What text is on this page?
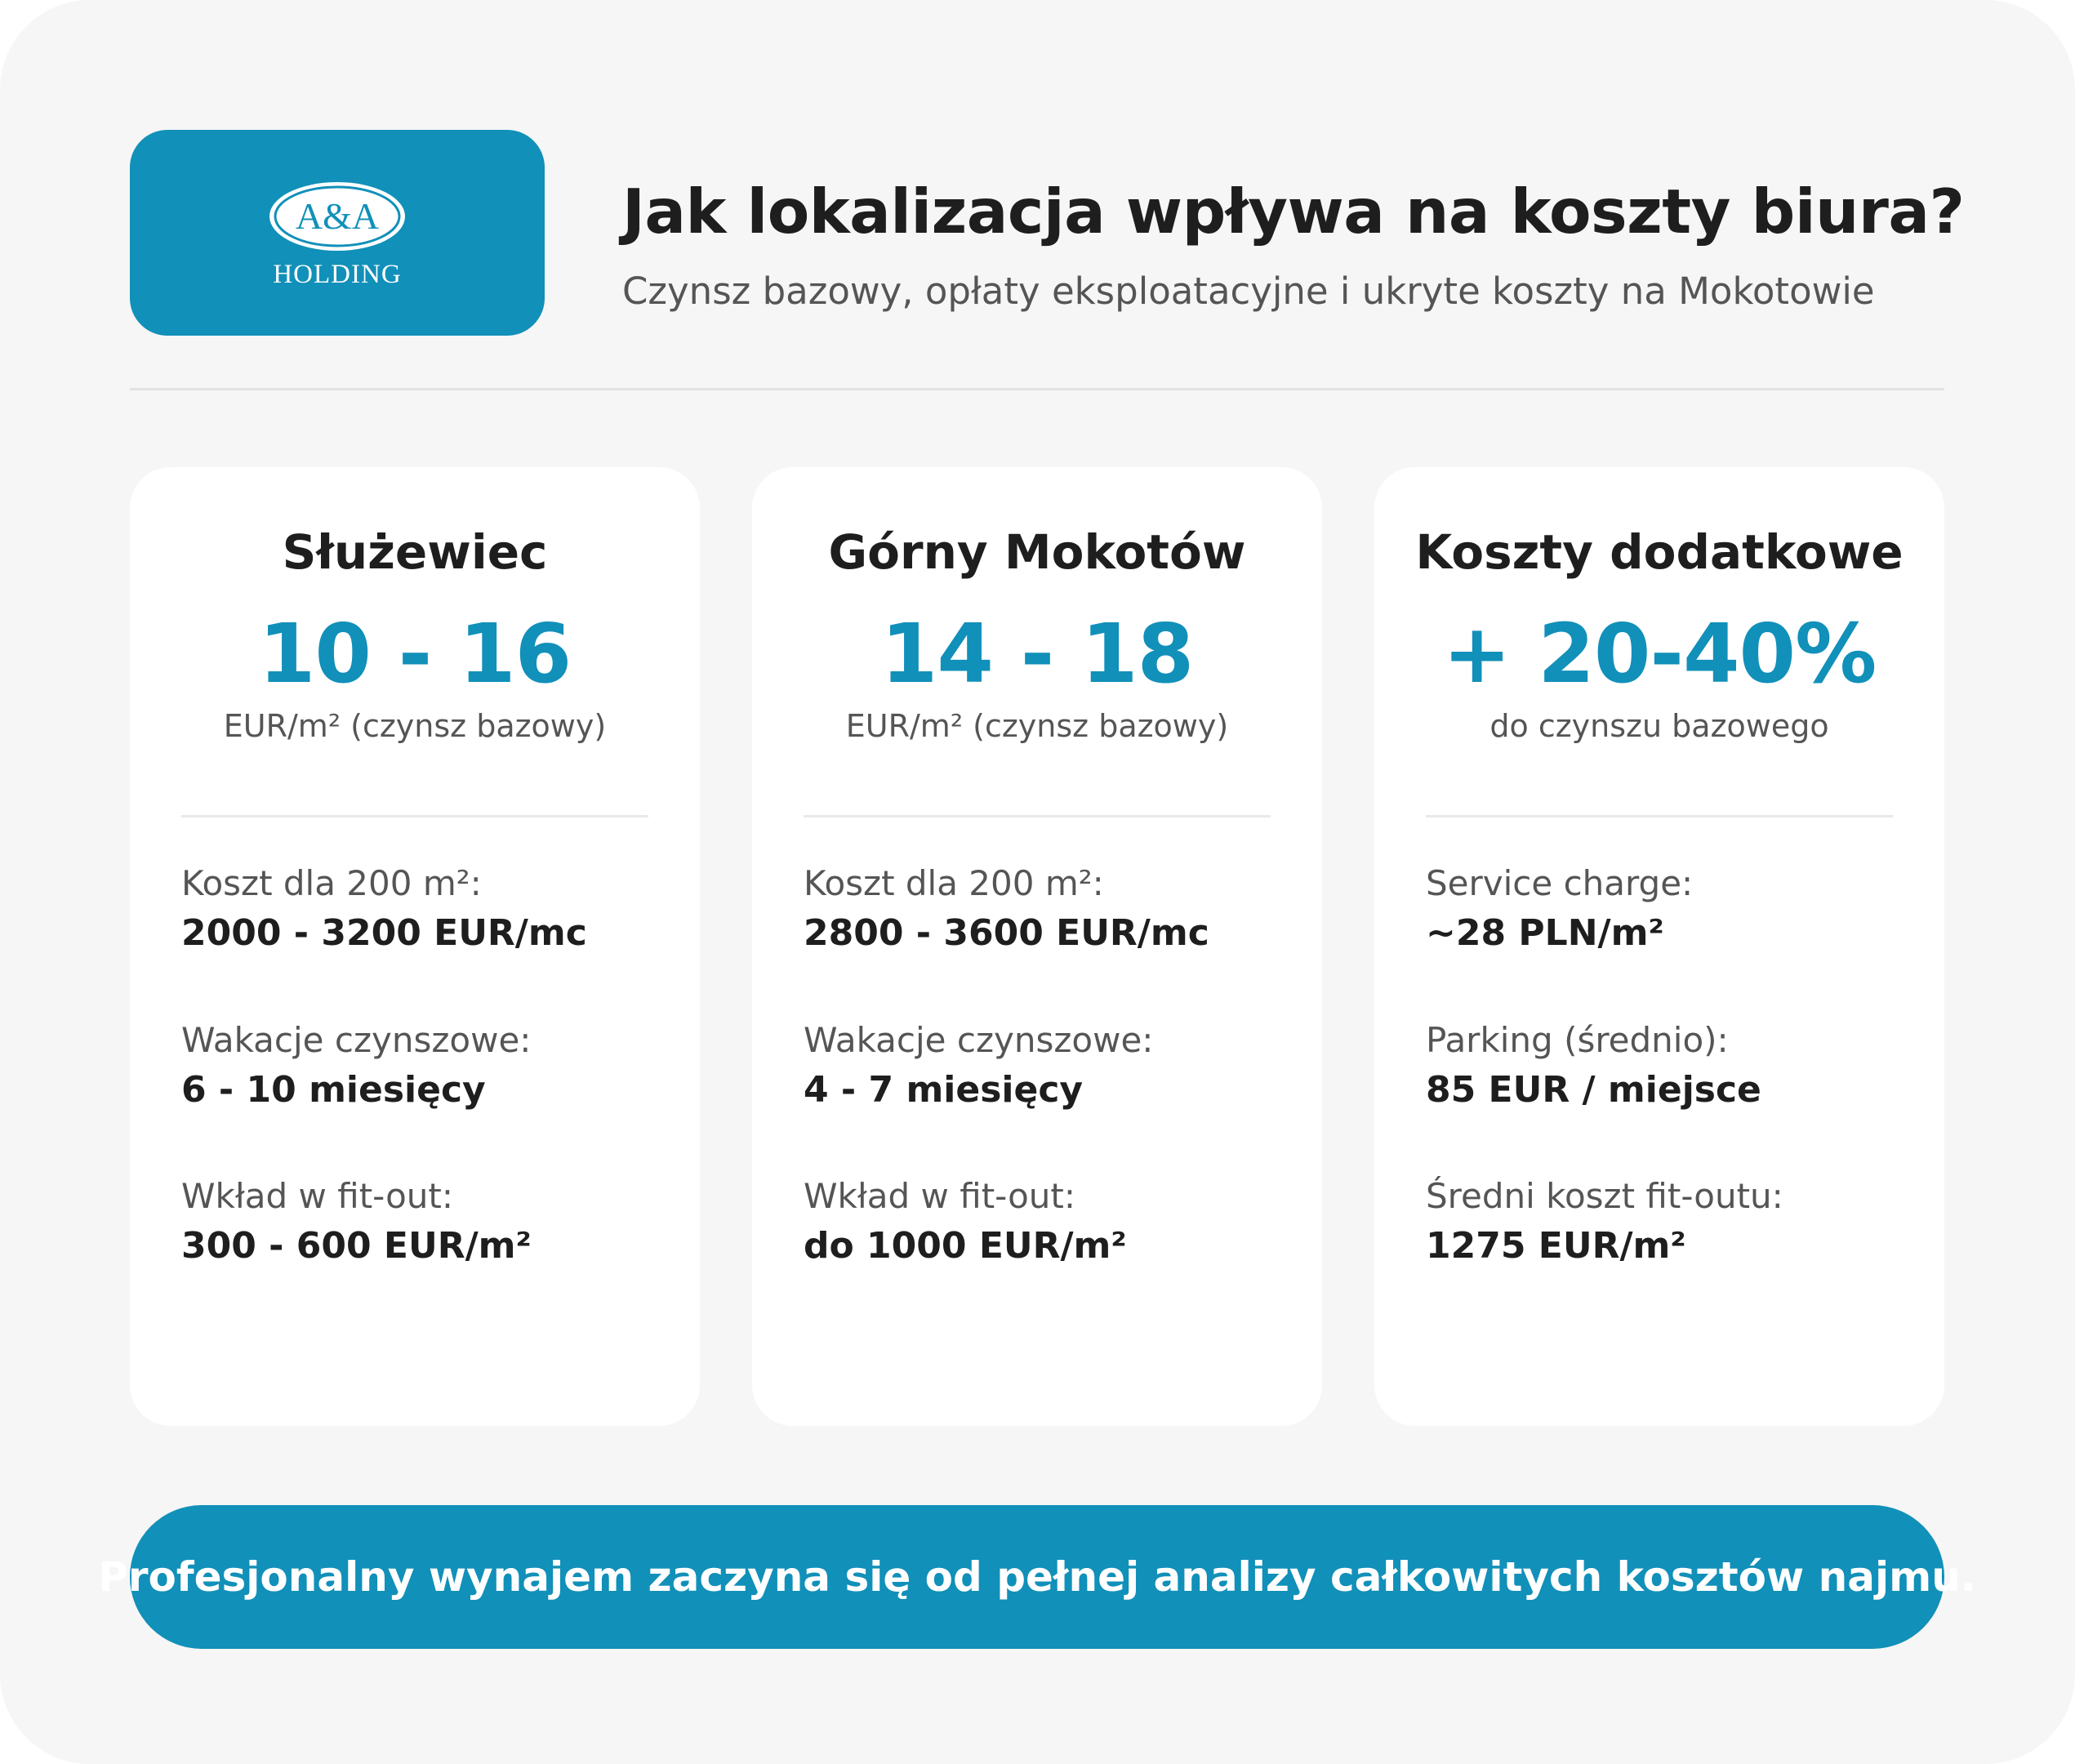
A&A
HOLDING
Jak lokalizacja wpływa na koszty biura?
Czynsz bazowy, opłaty eksploatacyjne i ukryte koszty na Mokotowie
Służewiec
10 - 16
EUR/m² (czynsz bazowy)
Koszt dla 200 m²:
2000 - 3200 EUR/mc
Wakacje czynszowe:
6 - 10 miesięcy
Wkład w fit-out:
300 - 600 EUR/m²
Górny Mokotów
14 - 18
EUR/m² (czynsz bazowy)
Koszt dla 200 m²:
2800 - 3600 EUR/mc
Wakacje czynszowe:
4 - 7 miesięcy
Wkład w fit-out:
do 1000 EUR/m²
Koszty dodatkowe
+ 20-40%
do czynszu bazowego
Service charge:
~28 PLN/m²
Parking (średnio):
85 EUR / miejsce
Średni koszt fit-outu:
1275 EUR/m²
Profesjonalny wynajem zaczyna się od pełnej analizy całkowitych kosztów najmu.
